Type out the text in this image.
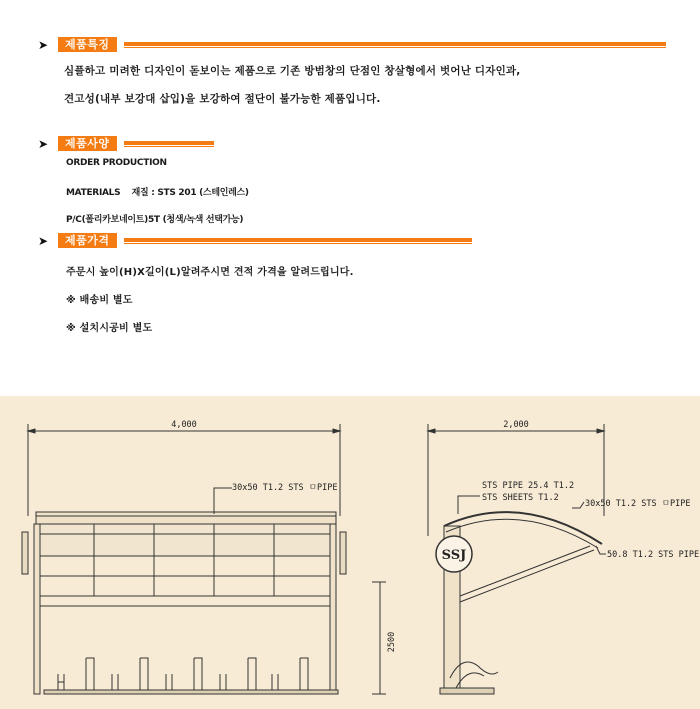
➤	제품특징
심플하고 미려한 디자인이 돋보이는 제품으로 기존 방범창의 단점인 창살형에서 벗어난 디자인과,
견고성(내부 보강대 삽입)을 보강하여 절단이 불가능한 제품입니다.
➤	제품사양
ORDER PRODUCTION
MATERIALS    재질 : STS 201 (스테인레스)
P/C(폴리카보네이트)5T (청색/녹색 선택가능)
➤	제품가격
주문시 높이(H)X길이(L)알려주시면 견적 가격을 알려드립니다.
※ 배송비 별도
※ 설치시공비 별도
4,000
30x50 T1.2 STS ㅁPIPE
2500
2,000
STS PIPE 25.4 T1.2
STS SHEETS T1.2
30x50 T1.2 STS ㅁPIPE
50.8 T1.2 STS PIPE
SSJ
